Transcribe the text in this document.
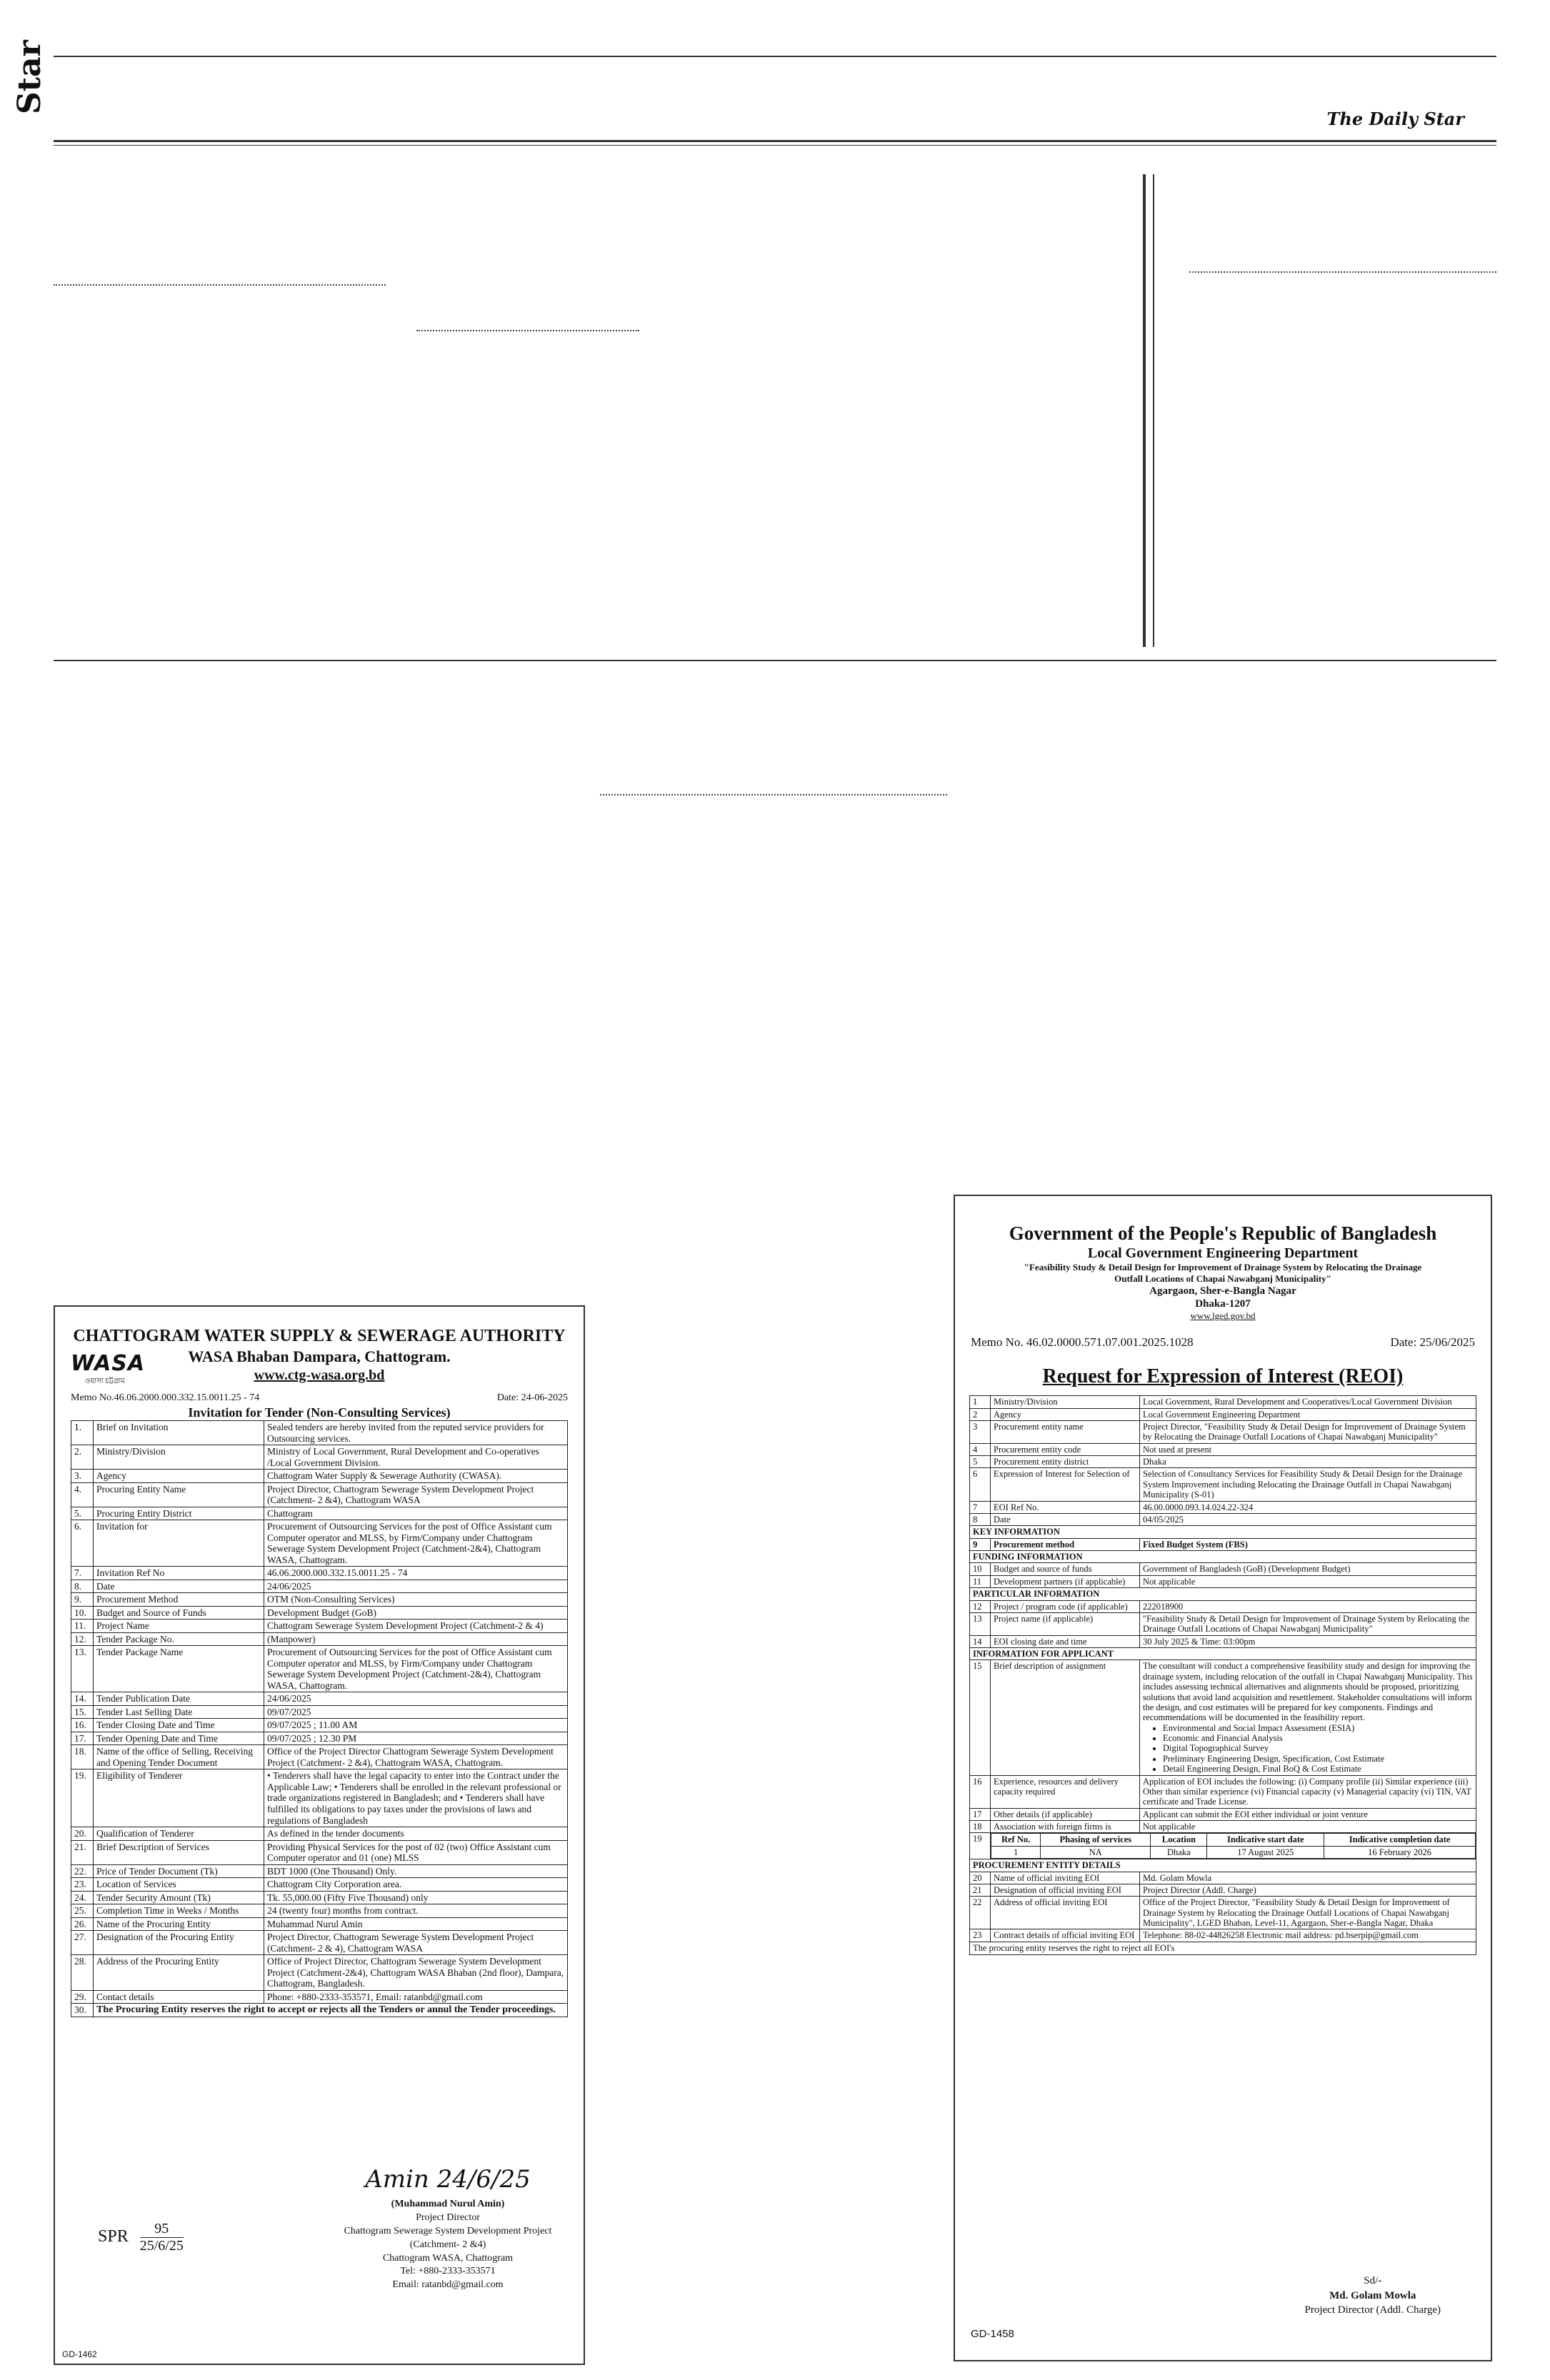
Star
The Daily Star
WASA
ওয়াসা চট্টগ্রাম
CHATTOGRAM WATER SUPPLY & SEWERAGE AUTHORITY
WASA Bhaban Dampara, Chattogram.
www.ctg-wasa.org.bd
Memo No.46.06.2000.000.332.15.0011.25 - 74	Date: 24-06-2025
Invitation for Tender (Non-Consulting Services)
1.	Brief on Invitation	Sealed tenders are hereby invited from the reputed service providers for Outsourcing services.
2.	Ministry/Division	Ministry of Local Government, Rural Development and Co-operatives /Local Government Division.
3.	Agency	Chattogram Water Supply & Sewerage Authority (CWASA).
4.	Procuring Entity Name	Project Director, Chattogram Sewerage System Development Project (Catchment- 2 &4), Chattogram WASA
5.	Procuring Entity District	Chattogram
6.	Invitation for	Procurement of Outsourcing Services for the post of Office Assistant cum Computer operator and MLSS, by Firm/Company under Chattogram Sewerage System Development Project (Catchment-2&4), Chattogram WASA, Chattogram.
7.	Invitation Ref No	46.06.2000.000.332.15.0011.25 - 74
8.	Date	24/06/2025
9.	Procurement Method	OTM (Non-Consulting Services)
10.	Budget and Source of Funds	Development Budget (GoB)
11.	Project Name	Chattogram Sewerage System Development Project (Catchment-2 & 4)
12.	Tender Package No.	(Manpower)
13.	Tender Package Name	Procurement of Outsourcing Services for the post of Office Assistant cum Computer operator and MLSS, by Firm/Company under Chattogram Sewerage System Development Project (Catchment-2&4), Chattogram WASA, Chattogram.
14.	Tender Publication Date	24/06/2025
15.	Tender Last Selling Date	09/07/2025
16.	Tender Closing Date and Time	09/07/2025 ; 11.00 AM
17.	Tender Opening Date and Time	09/07/2025 ; 12.30 PM
18.	Name of the office of Selling, Receiving and Opening Tender Document	Office of the Project Director Chattogram Sewerage System Development Project (Catchment- 2 &4), Chattogram WASA, Chattogram.
19.	Eligibility of Tenderer	• Tenderers shall have the legal capacity to enter into the Contract under the Applicable Law; • Tenderers shall be enrolled in the relevant professional or trade organizations registered in Bangladesh; and • Tenderers shall have fulfilled its obligations to pay taxes under the provisions of laws and regulations of Bangladesh
20.	Qualification of Tenderer	As defined in the tender documents
21.	Brief Description of Services	Providing Physical Services for the post of 02 (two) Office Assistant cum Computer operator and 01 (one) MLSS
22.	Price of Tender Document (Tk)	BDT 1000 (One Thousand) Only.
23.	Location of Services	Chattogram City Corporation area.
24.	Tender Security Amount (Tk)	Tk. 55,000.00 (Fifty Five Thousand) only
25.	Completion Time in Weeks / Months	24 (twenty four) months from contract.
26.	Name of the Procuring Entity	Muhammad Nurul Amin
27.	Designation of the Procuring Entity	Project Director, Chattogram Sewerage System Development Project (Catchment- 2 & 4), Chattogram WASA
28.	Address of the Procuring Entity	Office of Project Director, Chattogram Sewerage System Development Project (Catchment-2&4), Chattogram WASA Bhaban (2nd floor), Dampara, Chattogram, Bangladesh.
29.	Contact details	Phone: +880-2333-353571, Email: ratanbd@gmail.com
30.	The Procuring Entity reserves the right to accept or rejects all the Tenders or annul the Tender proceedings.	
SPR $\frac{95}{25/6/25}$
Amin 24/6/25
(Muhammad Nurul Amin)
Project Director
Chattogram Sewerage System Development Project
(Catchment- 2 &4)
Chattogram WASA, Chattogram
Tel: +880-2333-353571
Email: ratanbd@gmail.com
GD-1462
Government of the People's Republic of Bangladesh
Local Government Engineering Department
"Feasibility Study & Detail Design for Improvement of Drainage System by Relocating the Drainage Outfall Locations of Chapai Nawabganj Municipality"
Agargaon, Sher-e-Bangla Nagar
Dhaka-1207
www.lged.gov.bd
Memo No. 46.02.0000.571.07.001.2025.1028	Date: 25/06/2025
Request for Expression of Interest (REOI)
1	Ministry/Division	Local Government, Rural Development and Cooperatives/Local Government Division
2	Agency	Local Government Engineering Department
3	Procurement entity name	Project Director, "Feasibility Study & Detail Design for Improvement of Drainage System by Relocating the Drainage Outfall Locations of Chapai Nawabganj Municipality"
4	Procurement entity code	Not used at present
5	Procurement entity district	Dhaka
6	Expression of Interest for Selection of	Selection of Consultancy Services for Feasibility Study & Detail Design for the Drainage System Improvement including Relocating the Drainage Outfall in Chapai Nawabganj Municipality (S-01)
7	EOI Ref No.	46.00.0000.093.14.024.22-324
8	Date	04/05/2025
KEY INFORMATION
9	Procurement method	Fixed Budget System (FBS)
FUNDING INFORMATION
10	Budget and source of funds	Government of Bangladesh (GoB) (Development Budget)
11	Development partners (if applicable)	Not applicable
PARTICULAR INFORMATION
12	Project / program code (if applicable)	222018900
13	Project name (if applicable)	"Feasibility Study & Detail Design for Improvement of Drainage System by Relocating the Drainage Outfall Locations of Chapai Nawabganj Municipality"
14	EOI closing date and time	30 July 2025 & Time: 03:00pm
INFORMATION FOR APPLICANT
15	Brief description of assignment	The consultant will conduct a comprehensive feasibility study and design for improving the drainage system, including relocation of the outfall in Chapai Nawabganj Municipality. This includes assessing technical alternatives and alignments should be proposed, prioritizing solutions that avoid land acquisition and resettlement. Stakeholder consultations will inform the design, and cost estimates will be prepared for key components. Findings and recommendations will be documented in the feasibility report.
• Environmental and Social Impact Assessment (ESIA)
• Economic and Financial Analysis
• Digital Topographical Survey
• Preliminary Engineering Design, Specification, Cost Estimate
• Detail Engineering Design, Final BoQ & Cost Estimate

16	Experience, resources and delivery capacity required	Application of EOI includes the following: (i) Company profile (ii) Similar experience (iii) Other than similar experience (vi) Financial capacity (v) Managerial capacity (vi) TIN, VAT certificate and Trade License.
17	Other details (if applicable)	Applicant can submit the EOI either individual or joint venture
18	Association with foreign firms is	Not applicable
19	Ref No.	Phasing of services	Location	Indicative start date	Indicative completion date
1	NA	Dhaka	17 August 2025	16 February 2026

PROCUREMENT ENTITY DETAILS
20	Name of official inviting EOI	Md. Golam Mowla
21	Designation of official inviting EOI	Project Director (Addl. Charge)
22	Address of official inviting EOI	Office of the Project Director, "Feasibility Study & Detail Design for Improvement of Drainage System by Relocating the Drainage Outfall Locations of Chapai Nawabganj Municipality", LGED Bhaban, Level-11, Agargaon, Sher-e-Bangla Nagar, Dhaka
23	Contract details of official inviting EOI	Telephone: 88-02-44826258 Electronic mail address: pd.bserpip@gmail.com
The procuring entity reserves the right to reject all EOI's
Sd/-
Md. Golam Mowla
Project Director (Addl. Charge)
GD-1458
